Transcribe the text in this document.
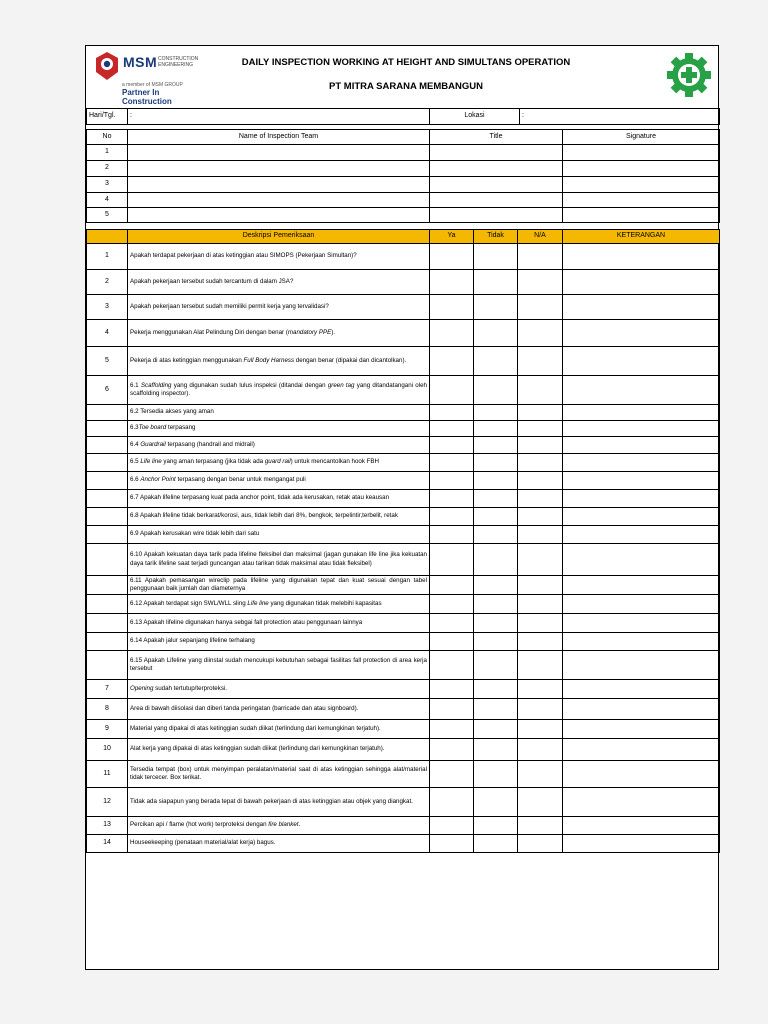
MSM CONSTRUCTION ENGINEERING
a member of MSM GROUP
Partner In Construction
DAILY INSPECTION WORKING AT HEIGHT AND SIMULTANS OPERATION
PT MITRA SARANA MEMBANGUN
Hari/Tgl.	:	Lokasi	:
No	Name of Inspection Team	Title	Signature
1			
2			
3			
4			
5			
	Deskripsi Pemeriksaan	Ya	Tidak	N/A	KETERANGAN
1	Apakah terdapat pekerjaan di atas ketinggian atau SIMOPS (Pekerjaan Simultan)?				
2	Apakah pekerjaan tersebut sudah tercantum di dalam JSA?				
3	Apakah pekerjaan tersebut sudah memiliki permit kerja yang tervalidasi?				
4	Pekerja menggunakan Alat Pelindung Diri dengan benar (mandatory PPE).				
5	Pekerja di atas ketinggian menggunakan Full Body Harness dengan benar (dipakai dan dicantolkan).				
6	6.1 Scaffolding yang digunakan sudah lulus inspeksi (ditandai dengan green tag yang ditandatangani oleh scaffolding inspector).				
	6.2 Tersedia akses yang aman				
	6.3Toe board terpasang				
	6.4 Guardrail terpasang (handrail and midrail)				
	6.5 Life line yang aman terpasang (jika tidak ada guard rail) untuk mencantolkan hook FBH				
	6.6 Anchor Point terpasang dengan benar untuk mengangat puli				
	6.7 Apakah lifeline terpasang kuat pada anchor point, tidak ada kerusakan, retak atau keausan				
	6.8 Apakah lifeline tidak berkarat/korosi, aus, tidak lebih dari 8%, bengkok, terpelintir,terbelit, retak				
	6.9 Apakah kerusakan wire tidak lebih dari satu				
	6.10 Apakah kekuatan daya tarik pada lifeline fleksibel dan maksimal (jagan gunakan life line jika kekuatan daya tarik lifeline saat terjadi guncangan atau tarikan tidak maksimal atau tidak fleksibel)				
	6.11 Apakah pemasangan wireclip pada lifeline yang digunakan tepat dan kuat sesuai dengan tabel penggunaan baik jumlah dan diameternya				
	6.12 Apakah terdapat sign SWL/WLL sling Life line yang digunakan tidak melebihi kapasitas				
	6.13 Apakah lifeline digunakan hanya sebgai fall protection atau penggunaan lainnya				
	6.14 Apakah jalur sepanjang lifeline terhalang				
	6.15 Apakah Lifeline yang diinstal sudah mencukupi kebutuhan sebagai fasilitas fall protection di area kerja tersebut				
7	Opening sudah tertutup/terproteksi.				
8	Area di bawah diisolasi dan diberi tanda peringatan (barricade dan atau signboard).				
9	Material yang dipakai di atas ketinggian sudah diikat (terlindung dari kemungkinan terjatuh).				
10	Alat kerja yang dipakai di atas ketinggian sudah diikat (terlindung dari kemungkinan terjatuh).				
11	Tersedia tempat (box) untuk menyimpan peralatan/material saat di atas ketinggian sehingga alat/material tidak tercecer. Box terikat.				
12	Tidak ada siapapun yang berada tepat di bawah pekerjaan di atas ketinggian atau objek yang diangkat.				
13	Percikan api / flame (hot work) terproteksi dengan fire blanket.				
14	Houseekeeping (penataan material/alat kerja) bagus.				
